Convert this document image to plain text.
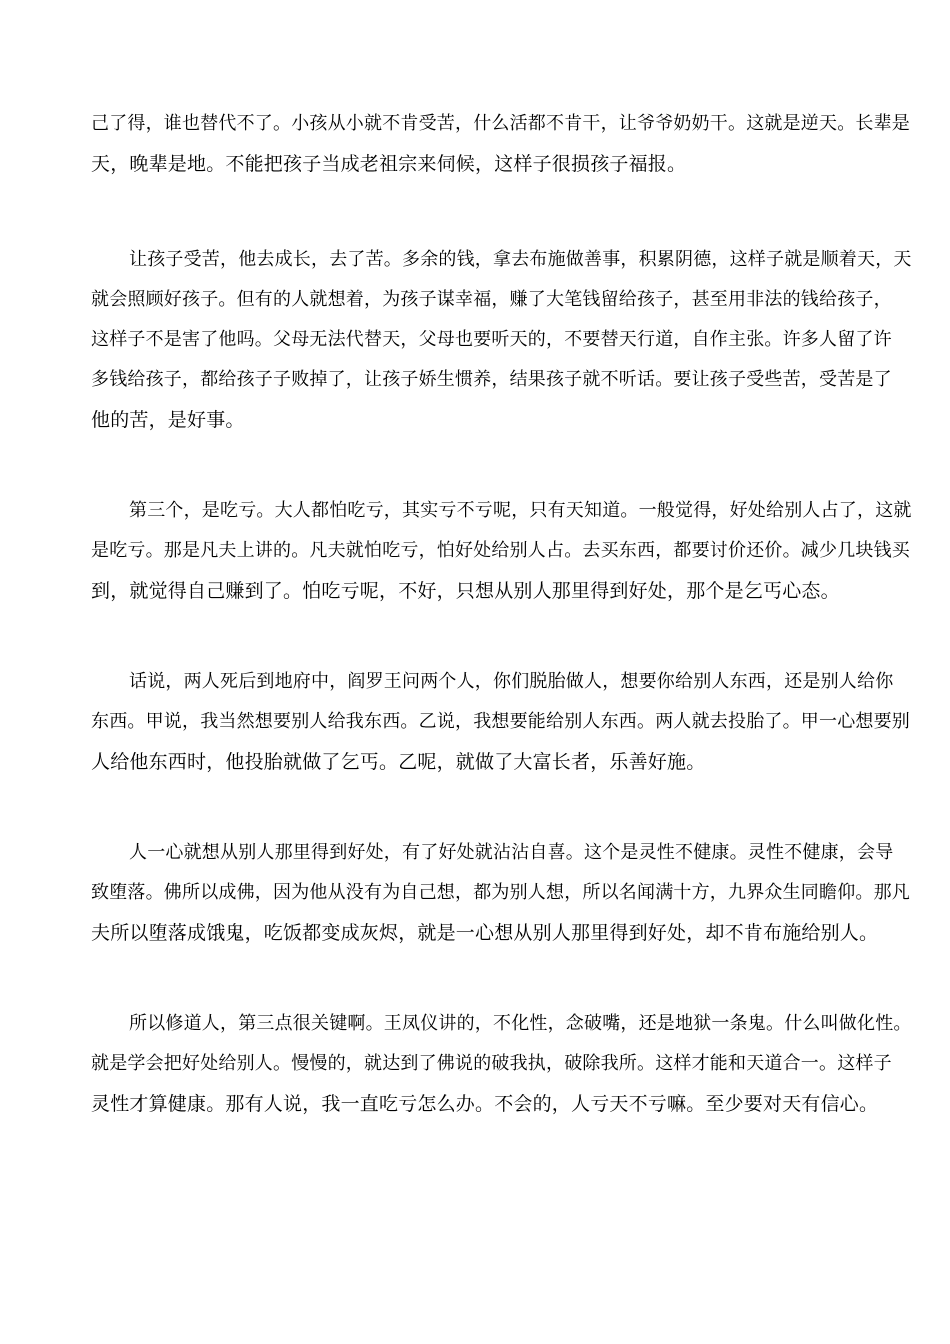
己了得，谁也替代不了。小孩从小就不肯受苦，什么活都不肯干，让爷爷奶奶干。这就是逆天。长辈是
天，晚辈是地。不能把孩子当成老祖宗来伺候，这样子很损孩子福报。
让孩子受苦，他去成长，去了苦。多余的钱，拿去布施做善事，积累阴德，这样子就是顺着天，天
就会照顾好孩子。但有的人就想着，为孩子谋幸福，赚了大笔钱留给孩子，甚至用非法的钱给孩子，
这样子不是害了他吗。父母无法代替天，父母也要听天的，不要替天行道，自作主张。许多人留了许
多钱给孩子，都给孩子子败掉了，让孩子娇生惯养，结果孩子就不听话。要让孩子受些苦，受苦是了
他的苦，是好事。
第三个，是吃亏。大人都怕吃亏，其实亏不亏呢，只有天知道。一般觉得，好处给别人占了，这就
是吃亏。那是凡夫上讲的。凡夫就怕吃亏，怕好处给别人占。去买东西，都要讨价还价。减少几块钱买
到，就觉得自己赚到了。怕吃亏呢，不好，只想从别人那里得到好处，那个是乞丐心态。
话说，两人死后到地府中，阎罗王问两个人，你们脱胎做人，想要你给别人东西，还是别人给你
东西。甲说，我当然想要别人给我东西。乙说，我想要能给别人东西。两人就去投胎了。甲一心想要别
人给他东西时，他投胎就做了乞丐。乙呢，就做了大富长者，乐善好施。
人一心就想从别人那里得到好处，有了好处就沾沾自喜。这个是灵性不健康。灵性不健康，会导
致堕落。佛所以成佛，因为他从没有为自己想，都为别人想，所以名闻满十方，九界众生同瞻仰。那凡
夫所以堕落成饿鬼，吃饭都变成灰烬，就是一心想从别人那里得到好处，却不肯布施给别人。
所以修道人，第三点很关键啊。王凤仪讲的，不化性，念破嘴，还是地狱一条鬼。什么叫做化性。
就是学会把好处给别人。慢慢的，就达到了佛说的破我执，破除我所。这样才能和天道合一。这样子
灵性才算健康。那有人说，我一直吃亏怎么办。不会的，人亏天不亏嘛。至少要对天有信心。
